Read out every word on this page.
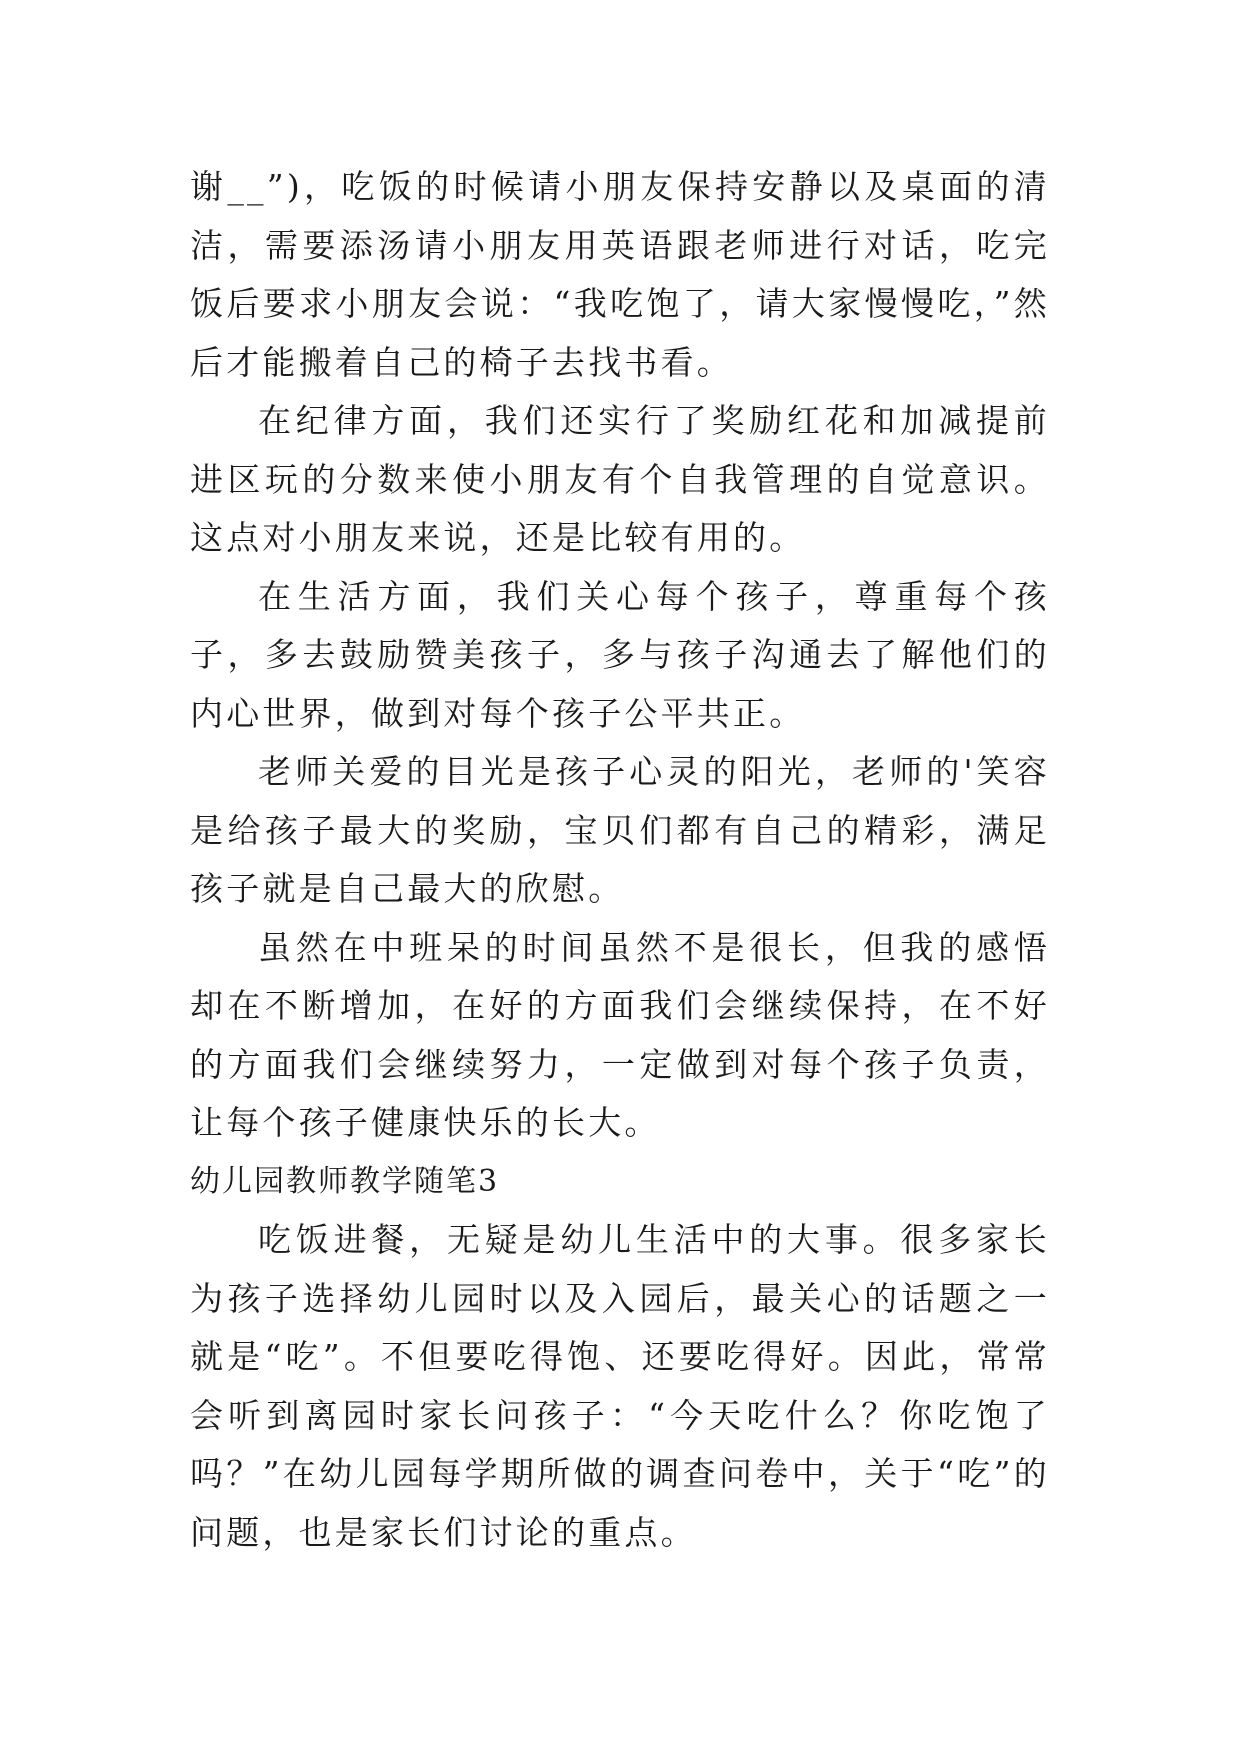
谢__”)，吃饭的时候请小朋友保持安静以及桌面的清洁，需要添汤请小朋友用英语跟老师进行对话，吃完饭后要求小朋友会说：“我吃饱了，请大家慢慢吃，”然后才能搬着自己的椅子去找书看。

在纪律方面，我们还实行了奖励红花和加减提前进区玩的分数来使小朋友有个自我管理的自觉意识。这点对小朋友来说，还是比较有用的。

在生活方面，我们关心每个孩子，尊重每个孩子，多去鼓励赞美孩子，多与孩子沟通去了解他们的内心世界，做到对每个孩子公平共正。

老师关爱的目光是孩子心灵的阳光，老师的'笑容是给孩子最大的奖励，宝贝们都有自己的精彩，满足孩子就是自己最大的欣慰。

虽然在中班呆的时间虽然不是很长，但我的感悟却在不断增加，在好的方面我们会继续保持，在不好的方面我们会继续努力，一定做到对每个孩子负责，让每个孩子健康快乐的长大。

幼儿园教师教学随笔3

吃饭进餐，无疑是幼儿生活中的大事。很多家长为孩子选择幼儿园时以及入园后，最关心的话题之一就是“吃”。不但要吃得饱、还要吃得好。因此，常常会听到离园时家长问孩子：“今天吃什么？你吃饱了吗？”在幼儿园每学期所做的调查问卷中，关于“吃”的问题，也是家长们讨论的重点。
